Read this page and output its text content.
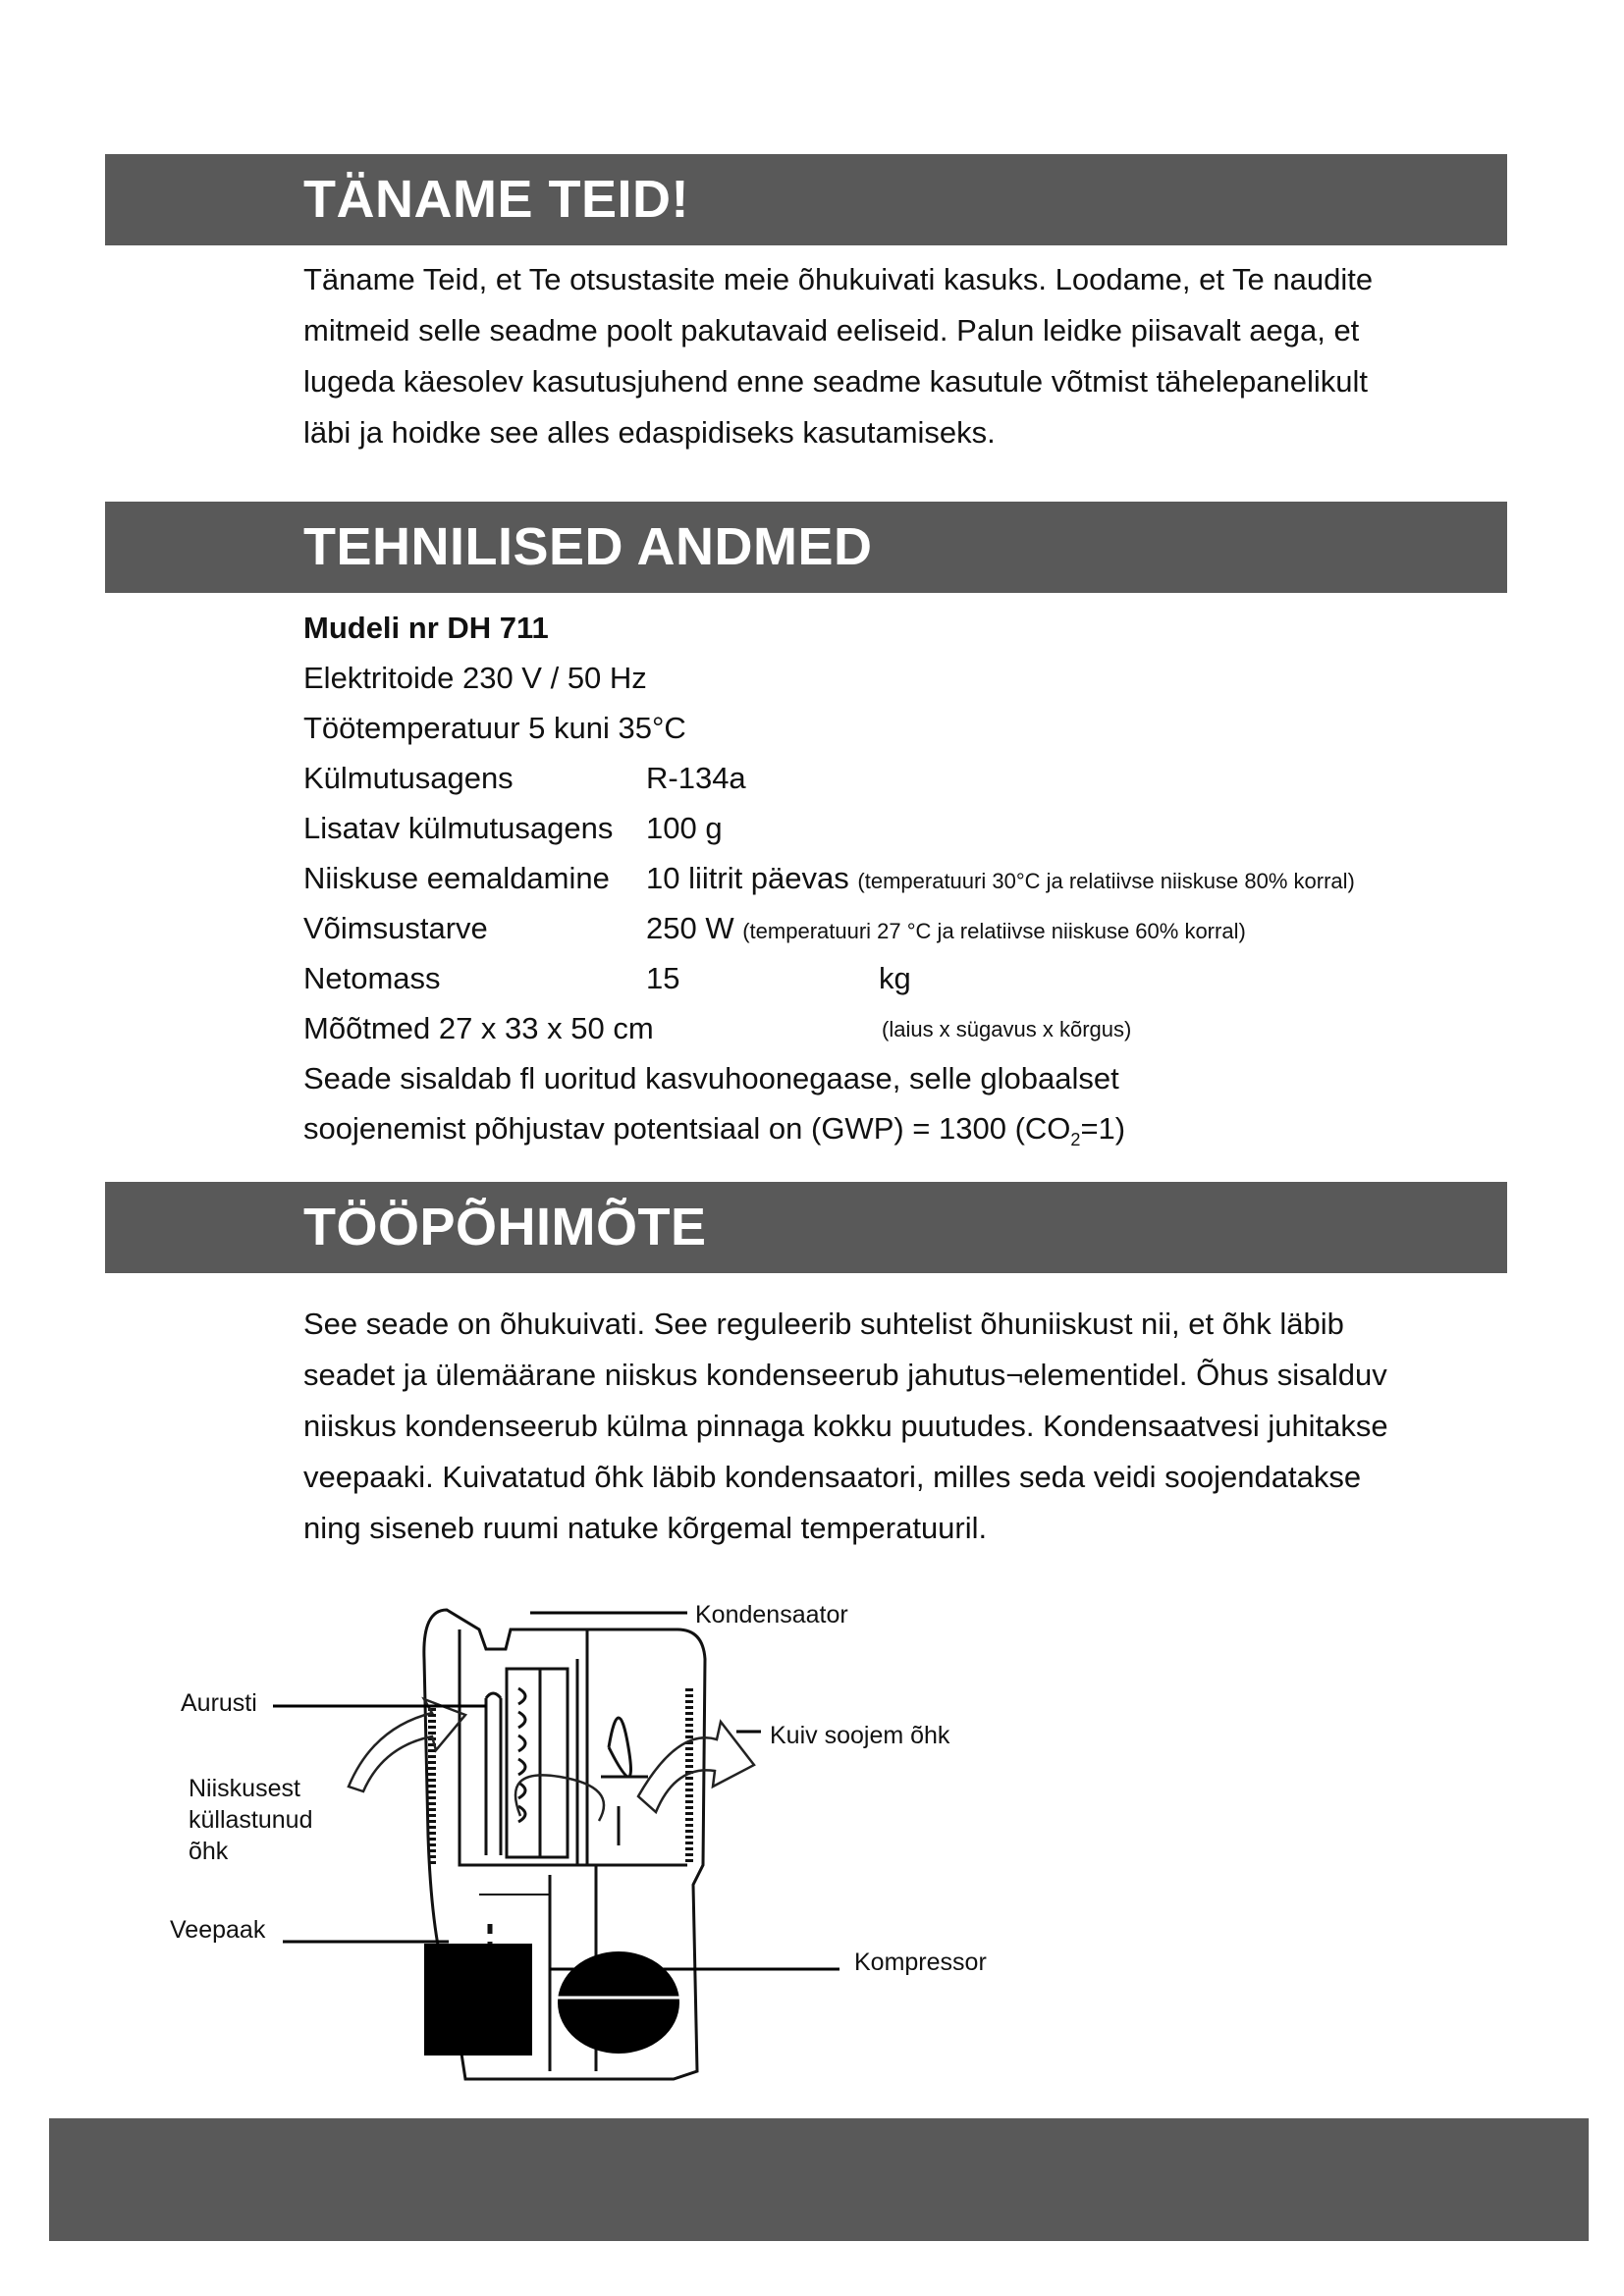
TÄNAME TEID!
Täname Teid, et Te otsustasite meie õhukuivati kasuks. Loodame, et Te naudite
mitmeid selle seadme poolt pakutavaid eeliseid. Palun leidke piisavalt aega, et
lugeda käesolev kasutusjuhend enne seadme kasutule võtmist tähelepanelikult
läbi ja hoidke see alles edaspidiseks kasutamiseks.
TEHNILISED ANDMED
Mudeli nr DH 711
Elektritoide 230 V / 50 Hz
Töötemperatuur 5 kuni 35°C
Külmutusagens	R-134a
Lisatav külmutusagens 100 g
Niiskuse eemaldamine 10 liitrit päevas (temperatuuri 30°C ja relatiivse niiskuse 80% korral)
Võimsustarve	250 W (temperatuuri 27 °C ja relatiivse niiskuse 60% korral)
Netomass	15	kg
Mõõtmed 27 x 33 x 50 cm	(laius x sügavus x kõrgus)
Seade sisaldab fl uoritud kasvuhoonegaase, selle globaalset
soojenemist põhjustav potentsiaal on (GWP) = 1300 $(CO_2=1)$
TÖÖPÕHIMÕTE
See seade on õhukuivati. See reguleerib suhtelist õhuniiskust nii, et õhk läbib
seadet ja ülemäärane niiskus kondenseerub jahutus¬elementidel. Õhus sisalduv
niiskus kondenseerub külma pinnaga kokku puutudes. Kondensaatvesi juhitakse
veepaaki. Kuivatatud õhk läbib kondensaatori, milles seda veidi soojendatakse
ning siseneb ruumi natuke kõrgemal temperatuuril.
Kondensaator
Aurusti
Kuiv soojem õhk
Niiskusest
küllastunud
õhk
Veepaak
Kompressor
